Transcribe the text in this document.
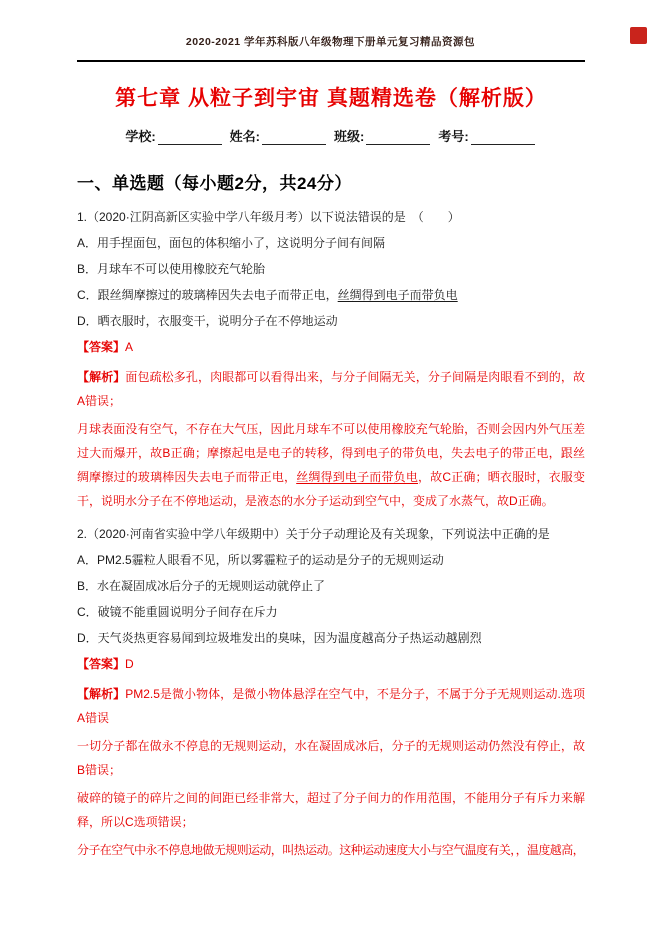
2020-2021 学年苏科版八年级物理下册单元复习精品资源包
第七章 从粒子到宇宙 真题精选卷（解析版）
学校:	姓名:	班级:	考号:
一、单选题（每小题2分，共24分）
1.（2020·江阴高新区实验中学八年级月考）以下说法错误的是　（　　）
A．用手捏面包，面包的体积缩小了，这说明分子间有间隔
B．月球车不可以使用橡胶充气轮胎
C．跟丝绸摩擦过的玻璃棒因失去电子而带正电，丝绸得到电子而带负电
D．晒衣服时，衣服变干，说明分子在不停地运动
【答案】A
【解析】面包疏松多孔，肉眼都可以看得出来，与分子间隔无关，分子间隔是肉眼看不到的，故A错误；
月球表面没有空气，不存在大气压，因此月球车不可以使用橡胶充气轮胎，否则会因内外气压差过大而爆开，故B正确；摩擦起电是电子的转移，得到电子的带负电，失去电子的带正电，跟丝绸摩擦过的玻璃棒因失去电子而带正电，丝绸得到电子而带负电，故C正确；晒衣服时，衣服变干，说明水分子在不停地运动，是液态的水分子运动到空气中，变成了水蒸气，故D正确。
2.（2020·河南省实验中学八年级期中）关于分子动理论及有关现象，下列说法中正确的是
A．PM2.5霾粒人眼看不见，所以雾霾粒子的运动是分子的无规则运动
B．水在凝固成冰后分子的无规则运动就停止了
C．破镜不能重圆说明分子间存在斥力
D．天气炎热更容易闻到垃圾堆发出的臭味，因为温度越高分子热运动越剧烈
【答案】D
【解析】PM2.5是微小物体，是微小物体悬浮在空气中，不是分子，不属于分子无规则运动.选项A错误
一切分子都在做永不停息的无规则运动，水在凝固成冰后，分子的无规则运动仍然没有停止，故B错误；
破碎的镜子的碎片之间的间距已经非常大，超过了分子间力的作用范围，不能用分子有斥力来解释，所以C选项错误；
分子在空气中永不停息地做无规则运动，叫热运动。这种运动速度大小与空气温度有关，，温度越高，
